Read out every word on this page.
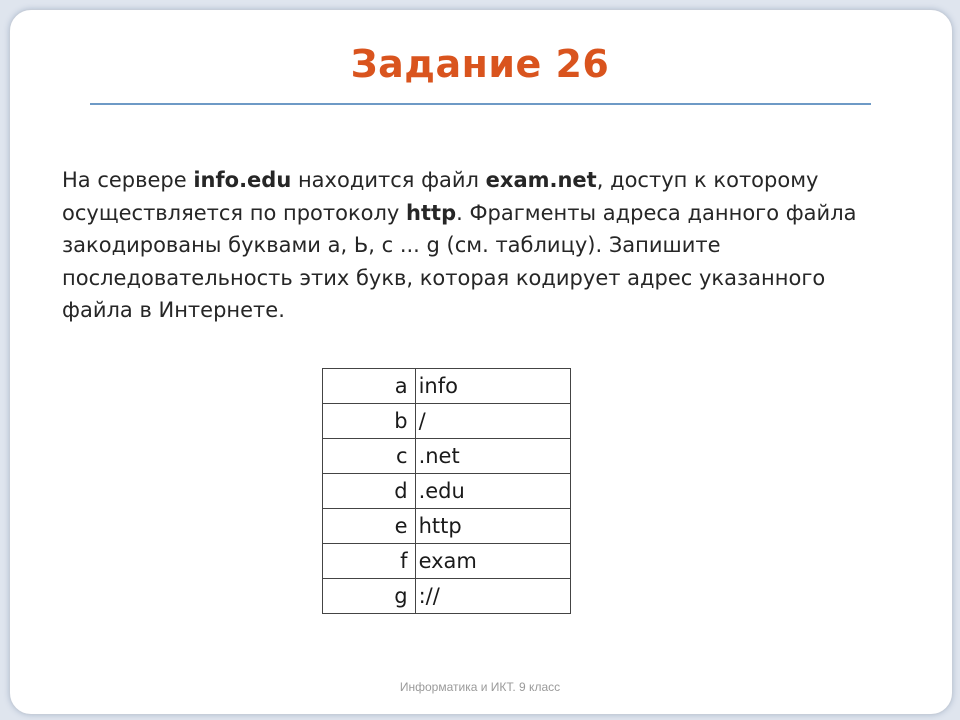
Задание 26

На сервере info.edu находится файл exam.net, доступ к которому осуществляется по протоколу http. Фрагменты адреса данного файла закодированы буквами а, Ь, с ... g (см. таблицу). Запишите последовательность этих букв, которая кодирует адрес указанного файла в Интернете.

a	info
b	/
c	.net
d	.edu
e	http
f	exam
g	://
Информатика и ИКТ. 9 класс
